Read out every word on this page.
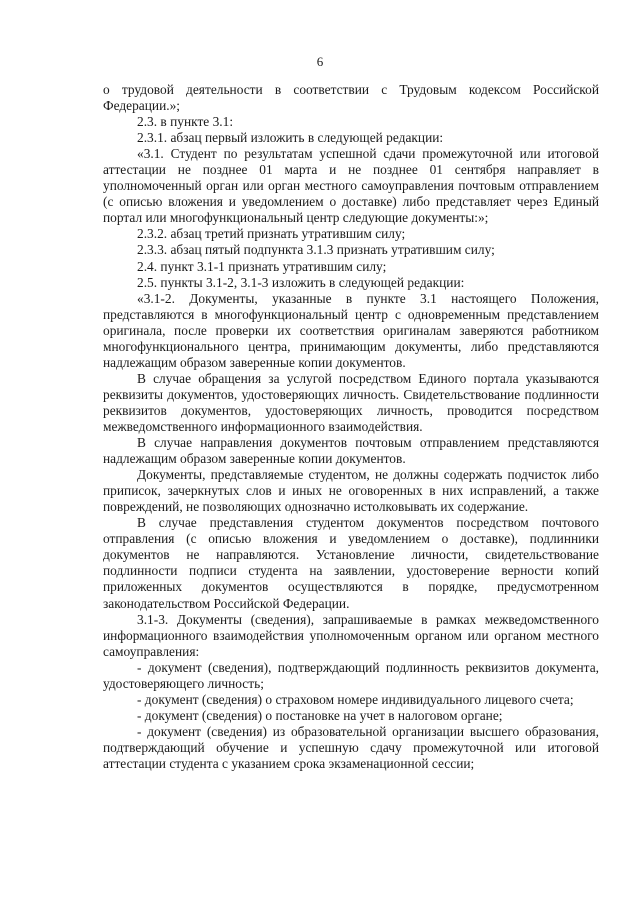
6

о трудовой деятельности в соответствии с Трудовым кодексом Российской Федерации.»;

2.3. в пункте 3.1:

2.3.1. абзац первый изложить в следующей редакции:

«3.1. Студент по результатам успешной сдачи промежуточной или итоговой аттестации не позднее 01 марта и не позднее 01 сентября направляет в уполномоченный орган или орган местного самоуправления почтовым отправлением (с описью вложения и уведомлением о доставке) либо представляет через Единый портал или многофункциональный центр следующие документы:»;

2.3.2. абзац третий признать утратившим силу;

2.3.3. абзац пятый подпункта 3.1.3 признать утратившим силу;

2.4. пункт 3.1-1 признать утратившим силу;

2.5. пункты 3.1-2, 3.1-3 изложить в следующей редакции:

«3.1-2. Документы, указанные в пункте 3.1 настоящего Положения, представляются в многофункциональный центр с одновременным представлением оригинала, после проверки их соответствия оригиналам заверяются работником многофункционального центра, принимающим документы, либо представляются надлежащим образом заверенные копии документов.

В случае обращения за услугой посредством Единого портала указываются реквизиты документов, удостоверяющих личность. Свидетельствование подлинности реквизитов документов, удостоверяющих личность, проводится посредством межведомственного информационного взаимодействия.

В случае направления документов почтовым отправлением представляются надлежащим образом заверенные копии документов.

Документы, представляемые студентом, не должны содержать подчисток либо приписок, зачеркнутых слов и иных не оговоренных в них исправлений, а также повреждений, не позволяющих однозначно истолковывать их содержание.

В случае представления студентом документов посредством почтового отправления (с описью вложения и уведомлением о доставке), подлинники документов не направляются. Установление личности, свидетельствование подлинности подписи студента на заявлении, удостоверение верности копий приложенных документов осуществляются в порядке, предусмотренном законодательством Российской Федерации.

3.1-3. Документы (сведения), запрашиваемые в рамках межведомственного информационного взаимодействия уполномоченным органом или органом местного самоуправления:

- документ (сведения), подтверждающий подлинность реквизитов документа, удостоверяющего личность;

- документ (сведения) о страховом номере индивидуального лицевого счета;

- документ (сведения) о постановке на учет в налоговом органе;

- документ (сведения) из образовательной организации высшего образования, подтверждающий обучение и успешную сдачу промежуточной или итоговой аттестации студента с указанием срока экзаменационной сессии;
